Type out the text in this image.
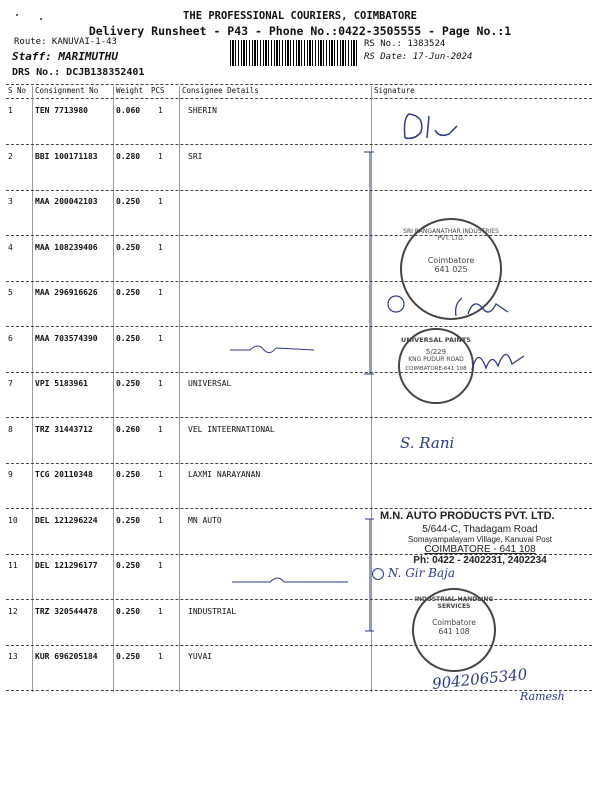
THE PROFESSIONAL COURIERS, COIMBATORE
Delivery Runsheet - P43 - Phone No.:0422-3505555 - Page No.:1
Route: KANUVAI-1-43
Staff: MARIMUTHU
DRS No.: DCJB138352401
RS No.: 1383524
RS Date: 17-Jun-2024
S No Consignment No Weight PCS Consignee Details	Signature
1	TEN 7713980	0.060 1	SHERIN
2	BBI 100171183 0.280 1	SRI
3	MAA 200042103 0.250 1
4	MAA 108239406 0.250 1
5	MAA 296916626 0.250 1
6	MAA 703574390 0.250 1
7	VPI 5183961	0.250 1	UNIVERSAL
8	TRZ 31443712	0.260 1	VEL INTEERNATIONAL
9	TCG 20110348	0.250 1	LAXMI NARAYANAN
10 DEL 121296224 0.250 1	MN AUTO
11 DEL 121296177 0.250 1
12 TRZ 320544478 0.250 1	INDUSTRIAL
13 KUR 696205184 0.250 1	YUVAI
SRI RANGANATHAR INDUSTRIES PVT. LTD.
Coimbatore
641 025
UNIVERSAL PAINTS
5/229
KNG PUDUR ROAD
COIMBATORE-641 108
S. Rani
M.N. AUTO PRODUCTS PVT. LTD.
5/644-C, Thadagam Road
Somayampalayam Village, Kanuvai Post
COIMBATORE - 641 108
Ph: 0422 - 2402231, 2402234
N. Gir Baja
INDUSTRIAL HANDLING SERVICES
Coimbatore
641 108
9042065340
Ramesh
